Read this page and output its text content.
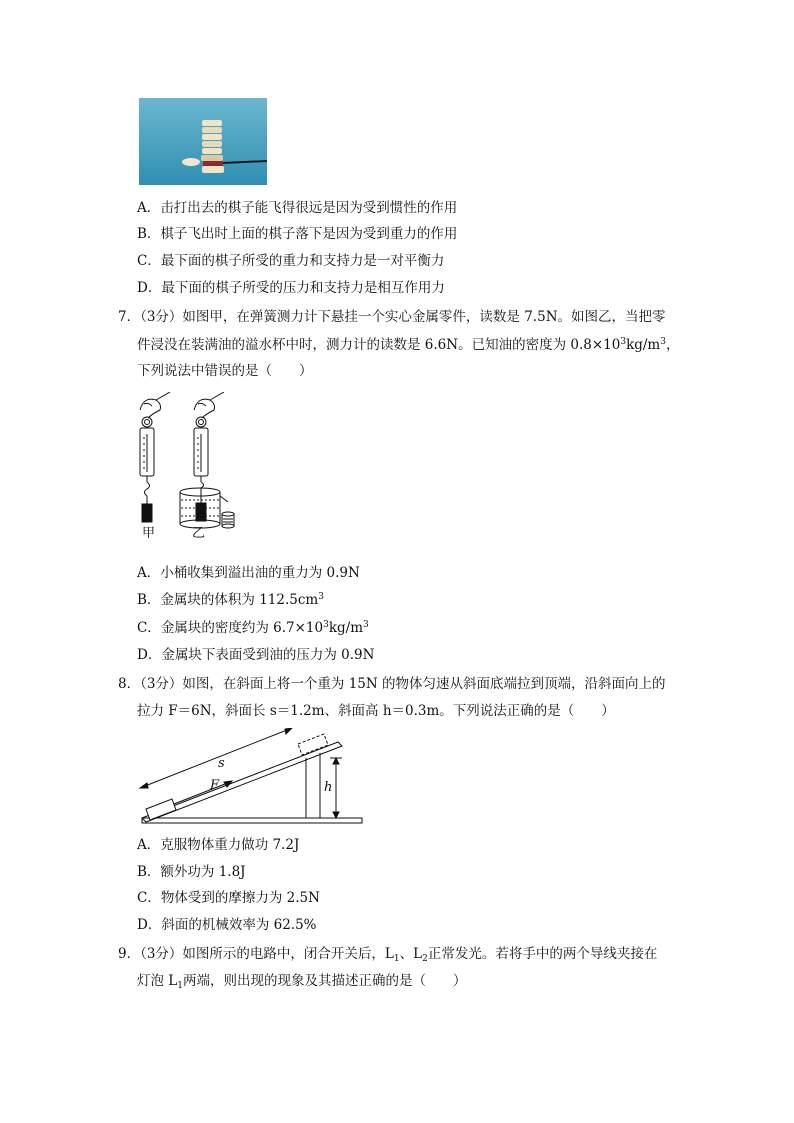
A．击打出去的棋子能飞得很远是因为受到惯性的作用
B．棋子飞出时上面的棋子落下是因为受到重力的作用
C．最下面的棋子所受的重力和支持力是一对平衡力
D．最下面的棋子所受的压力和支持力是相互作用力
7．（3分）如图甲，在弹簧测力计下悬挂一个实心金属零件，读数是 7.5N。如图乙，当把零
件浸没在装满油的溢水杯中时，测力计的读数是 6.6N。已知油的密度为 $0.8\times 10^3kg/m^3$，
下列说法中错误的是（　　）
甲	乙
A．小桶收集到溢出油的重力为 0.9N
B．金属块的体积为 $112.5cm^3$
C．金属块的密度约为 $6.7\times 10^3kg/m^3$
D．金属块下表面受到油的压力为 0.9N
8．（3分）如图，在斜面上将一个重为 15N 的物体匀速从斜面底端拉到顶端，沿斜面向上的
拉力 F＝6N，斜面长 s＝1.2m、斜面高 h＝0.3m。下列说法正确的是（　　）
s
F	h
A．克服物体重力做功 7.2J
B．额外功为 1.8J
C．物体受到的摩擦力为 2.5N
D．斜面的机械效率为 62.5%
9．（3分）如图所示的电路中，闭合开关后，$L_1$、$L_2$正常发光。若将手中的两个导线夹接在
灯泡 $L_1$两端，则出现的现象及其描述正确的是（　　）
